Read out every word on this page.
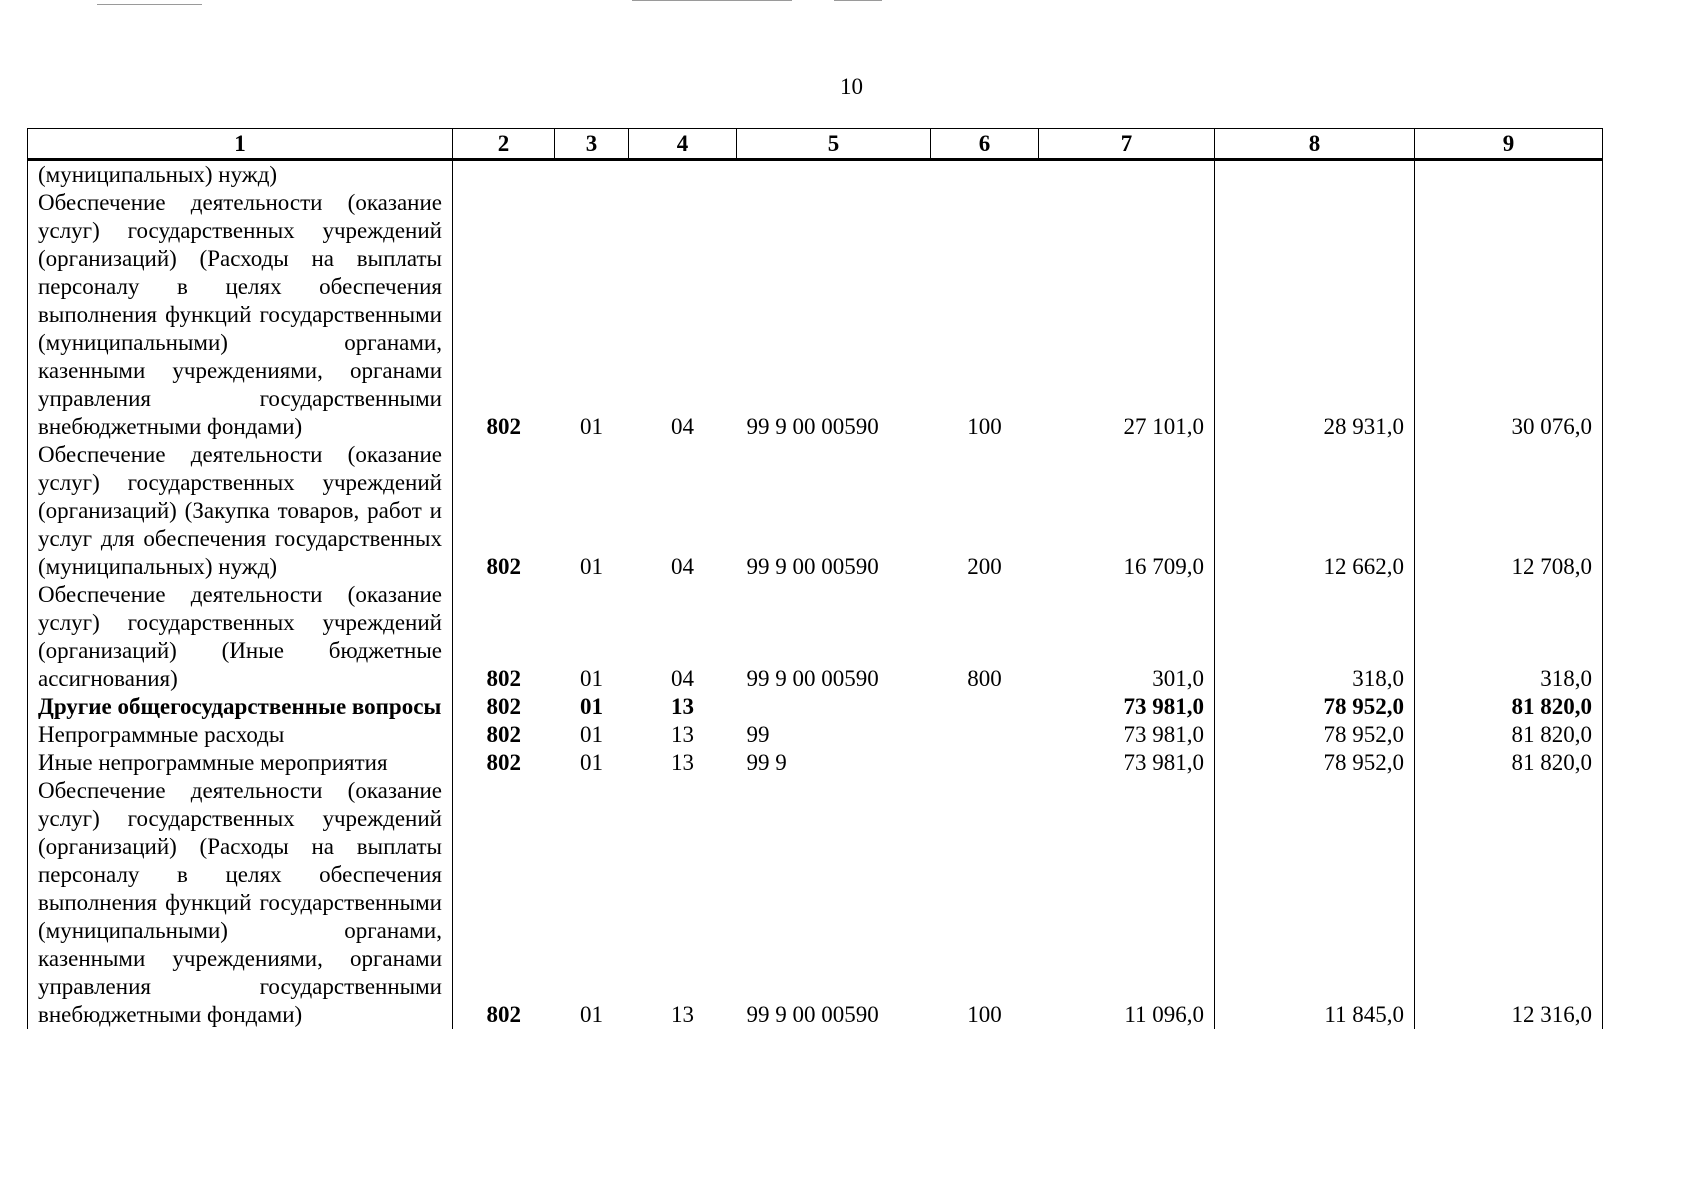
10
1	2	3	4	5	6	7	8	9
(муниципальных) нужд)								
Обеспечение деятельности (оказание услуг) государственных учреждений (организаций) (Расходы на выплаты персоналу в целях обеспечения выполнения функций государственными (муниципальными) органами, казенными учреждениями, органами управления государственными внебюджетными фондами)	802	01	04	99 9 00 00590	100	27 101,0	28 931,0	30 076,0
Обеспечение деятельности (оказание услуг) государственных учреждений (организаций) (Закупка товаров, работ и услуг для обеспечения государственных (муниципальных) нужд)	802	01	04	99 9 00 00590	200	16 709,0	12 662,0	12 708,0
Обеспечение деятельности (оказание услуг) государственных учреждений (организаций) (Иные бюджетные ассигнования)	802	01	04	99 9 00 00590	800	301,0	318,0	318,0
Другие общегосударственные вопросы	802	01	13			73 981,0	78 952,0	81 820,0
Непрограммные расходы	802	01	13	99		73 981,0	78 952,0	81 820,0
Иные непрограммные мероприятия	802	01	13	99 9		73 981,0	78 952,0	81 820,0
Обеспечение деятельности (оказание услуг) государственных учреждений (организаций) (Расходы на выплаты персоналу в целях обеспечения выполнения функций государственными (муниципальными) органами, казенными учреждениями, органами управления государственными внебюджетными фондами)	802	01	13	99 9 00 00590	100	11 096,0	11 845,0	12 316,0
